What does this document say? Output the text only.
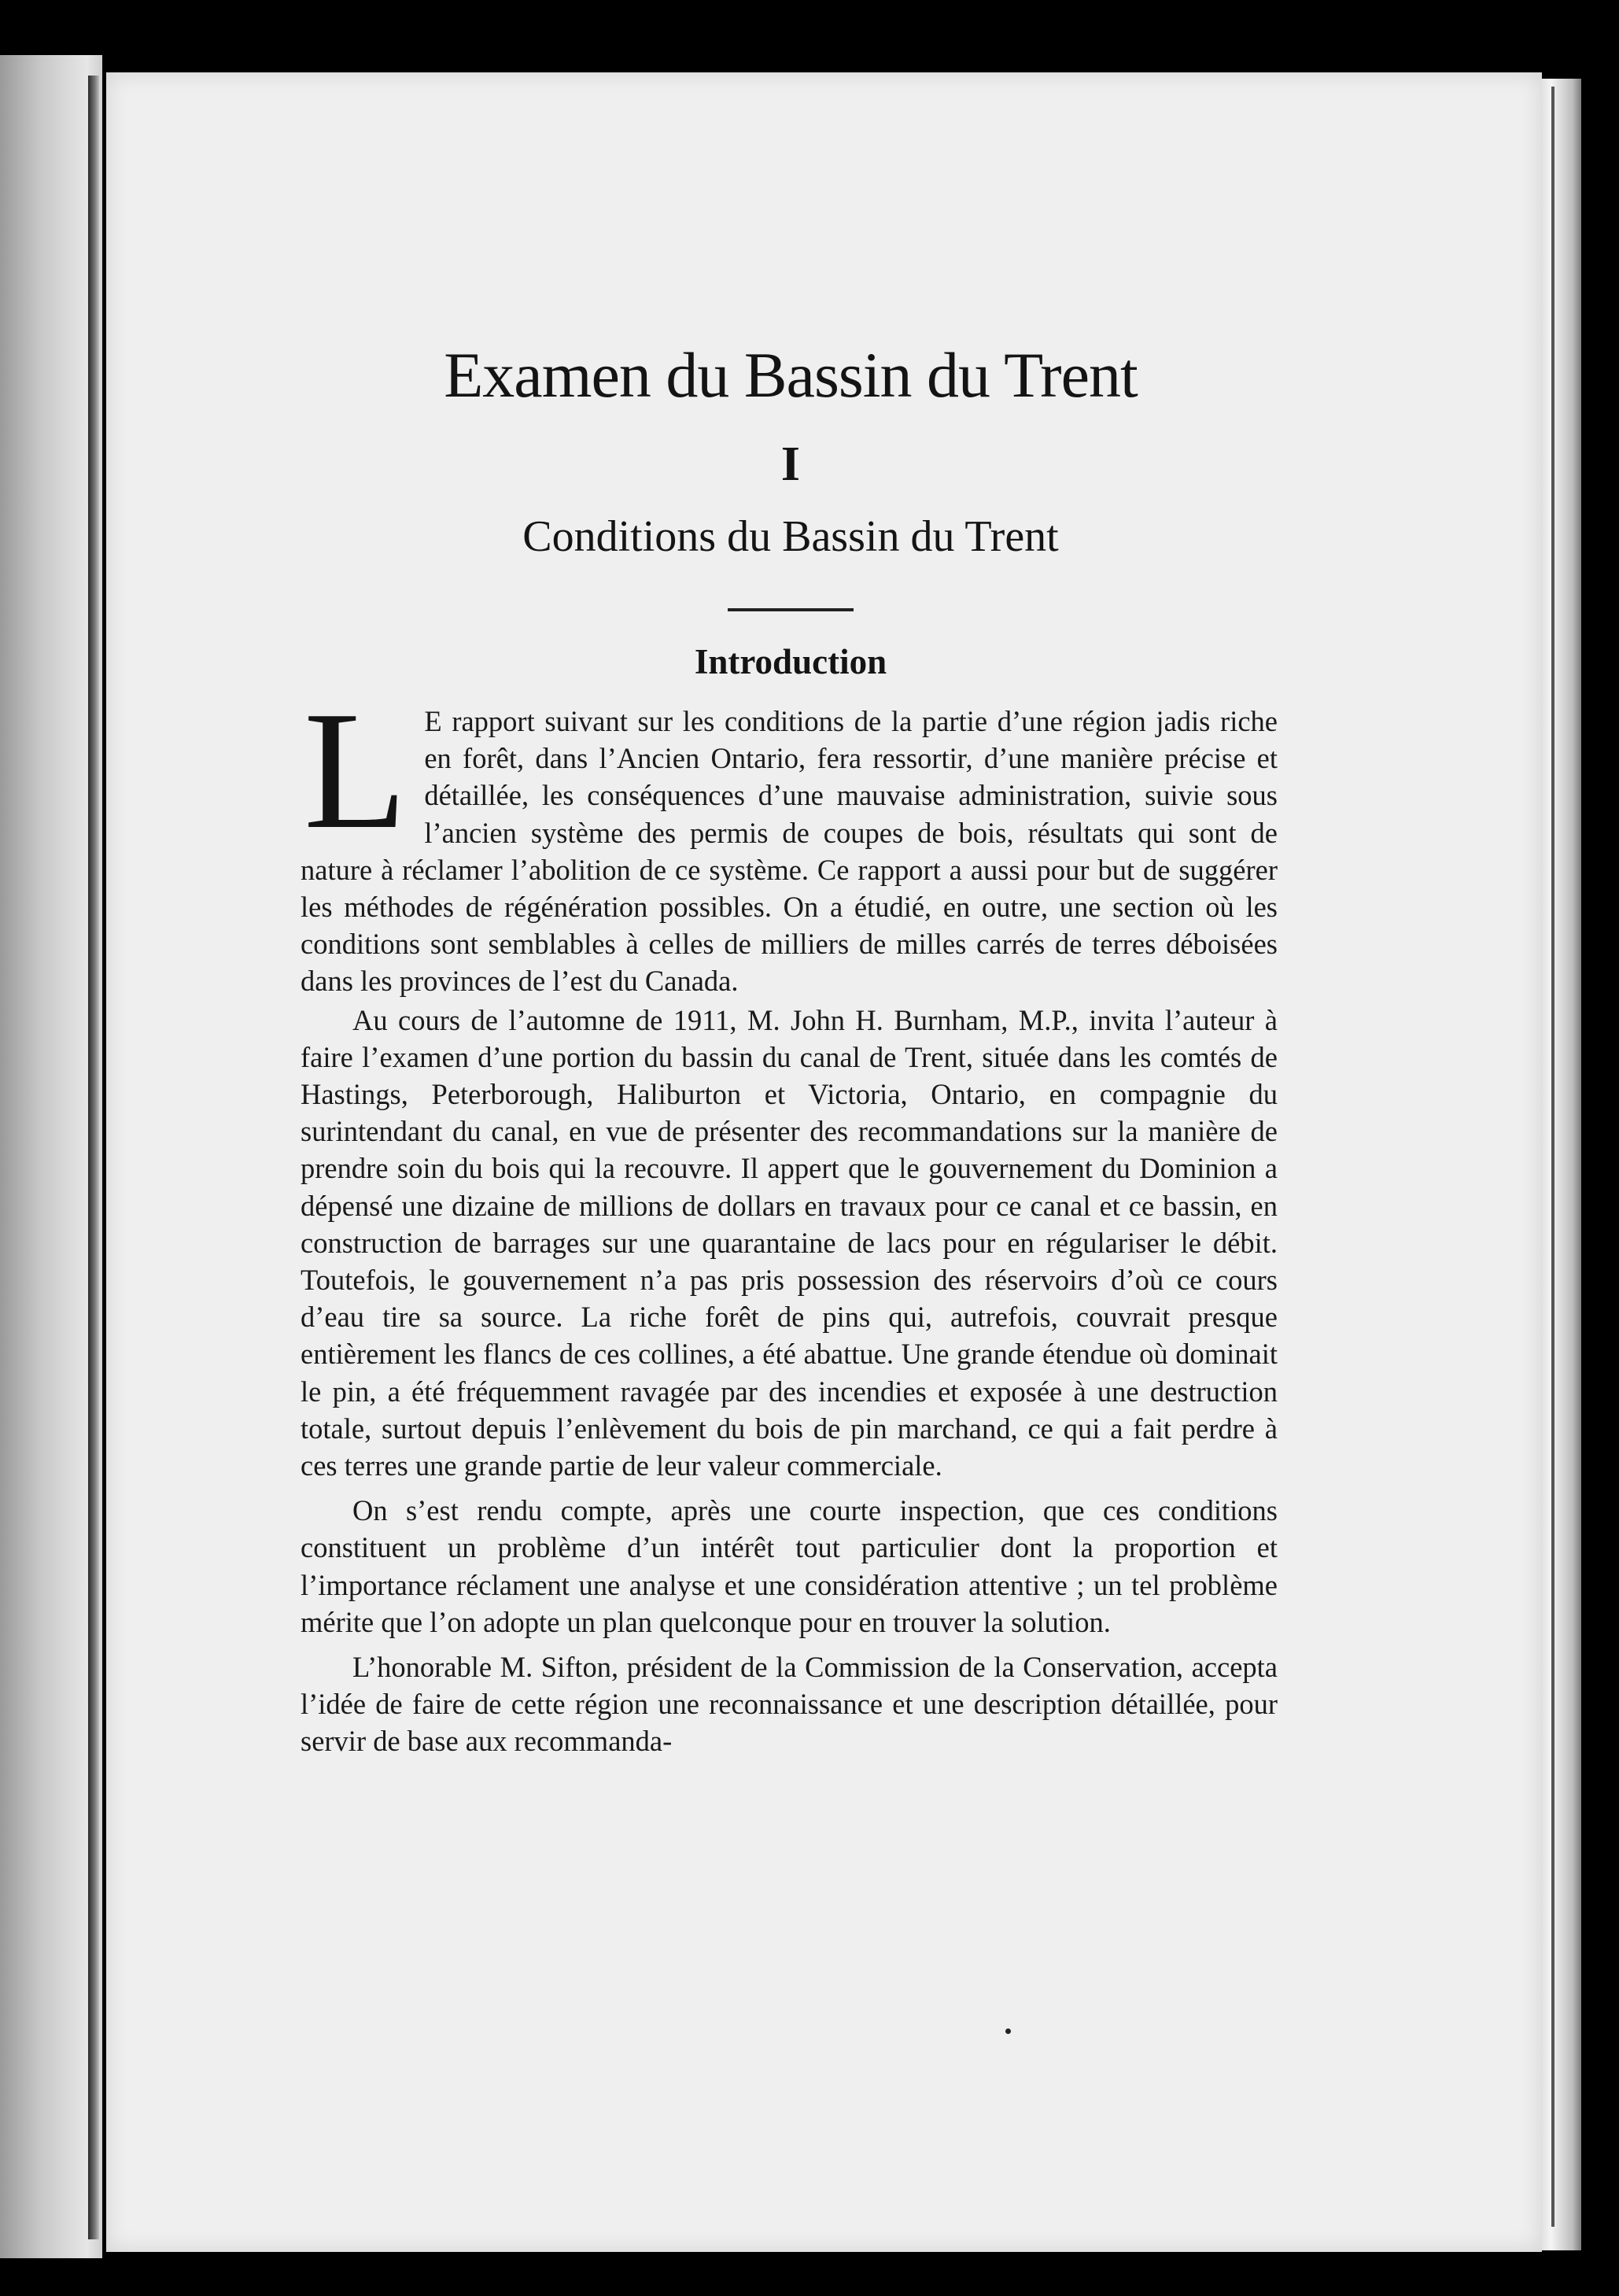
Examen du Bassin du Trent
I
Conditions du Bassin du Trent
Introduction

L E rapport suivant sur les conditions de la partie d’une région jadis riche en forêt, dans l’Ancien Ontario, fera ressortir, d’une manière précise et détaillée, les conséquences d’une mauvaise administration, suivie sous l’ancien système des permis de coupes de bois, résultats qui sont de nature à réclamer l’abolition de ce système. Ce rapport a aussi pour but de suggérer les méthodes de régénération possibles. On a étudié, en outre, une section où les conditions sont semblables à celles de milliers de milles carrés de terres déboisées dans les provinces de l’est du Canada.

Au cours de l’automne de 1911, M. John H. Burnham, M.P., invita l’auteur à faire l’examen d’une portion du bassin du canal de Trent, située dans les comtés de Hastings, Peterborough, Haliburton et Victoria, Ontario, en compagnie du surintendant du canal, en vue de présenter des recommandations sur la manière de prendre soin du bois qui la recouvre. Il appert que le gouvernement du Dominion a dépensé une dizaine de millions de dollars en travaux pour ce canal et ce bassin, en construction de barrages sur une quarantaine de lacs pour en régulariser le débit. Toutefois, le gouvernement n’a pas pris possession des réservoirs d’où ce cours d’eau tire sa source. La riche forêt de pins qui, autrefois, couvrait presque entièrement les flancs de ces collines, a été abattue. Une grande étendue où dominait le pin, a été fréquemment ravagée par des incendies et exposée à une destruction totale, surtout depuis l’enlèvement du bois de pin marchand, ce qui a fait perdre à ces terres une grande partie de leur valeur commerciale.

On s’est rendu compte, après une courte inspection, que ces conditions constituent un problème d’un intérêt tout particulier dont la proportion et l’importance réclament une analyse et une considération attentive ; un tel problème mérite que l’on adopte un plan quelconque pour en trouver la solution.

L’honorable M. Sifton, président de la Commission de la Conservation, accepta l’idée de faire de cette région une reconnaissance et une description détaillée, pour servir de base aux recommanda-
